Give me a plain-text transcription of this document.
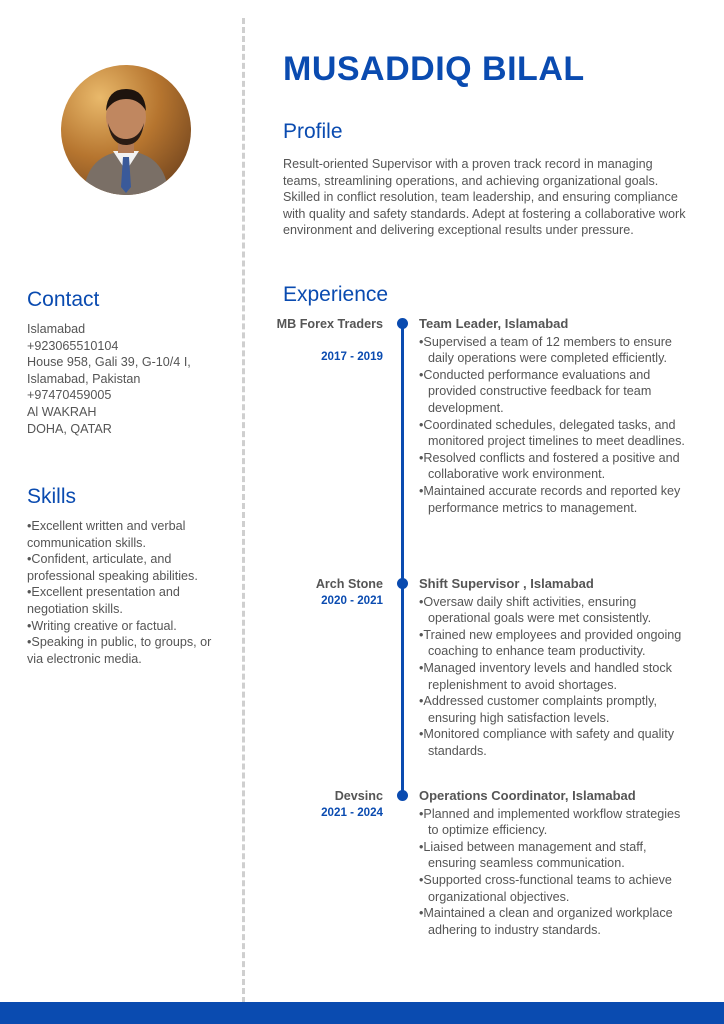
Contact
Islamabad
+923065510104
House 958, Gali 39, G-10/4 I, Islamabad, Pakistan
+97470459005
Al WAKRAH
DOHA, QATAR
Skills
• Excellent written and verbal communication skills.
• Confident, articulate, and professional speaking abilities.
• Excellent presentation and negotiation skills.
• Writing creative or factual.
• Speaking in public, to groups, or via electronic media.
MUSADDIQ BILAL
Profile

Result-oriented Supervisor with a proven track record in managing teams, streamlining operations, and achieving organizational goals. Skilled in conflict resolution, team leadership, and ensuring compliance with quality and safety standards. Adept at fostering a collaborative work environment and delivering exceptional results under pressure.

Experience

MB Forex Traders

2017 - 2019

Team Leader, Islamabad

• Supervised a team of 12 members to ensure daily operations were completed efficiently.
• Conducted performance evaluations and provided constructive feedback for team development.
• Coordinated schedules, delegated tasks, and monitored project timelines to meet deadlines.
• Resolved conflicts and fostered a positive and collaborative work environment.
• Maintained accurate records and reported key performance metrics to management.

Arch Stone

2020 - 2021

Shift Supervisor , Islamabad

• Oversaw daily shift activities, ensuring operational goals were met consistently.
• Trained new employees and provided ongoing coaching to enhance team productivity.
• Managed inventory levels and handled stock replenishment to avoid shortages.
• Addressed customer complaints promptly, ensuring high satisfaction levels.
• Monitored compliance with safety and quality standards.

Devsinc

2021 - 2024

Operations Coordinator, Islamabad

• Planned and implemented workflow strategies to optimize efficiency.
• Liaised between management and staff, ensuring seamless communication.
• Supported cross-functional teams to achieve organizational objectives.
• Maintained a clean and organized workplace adhering to industry standards.
